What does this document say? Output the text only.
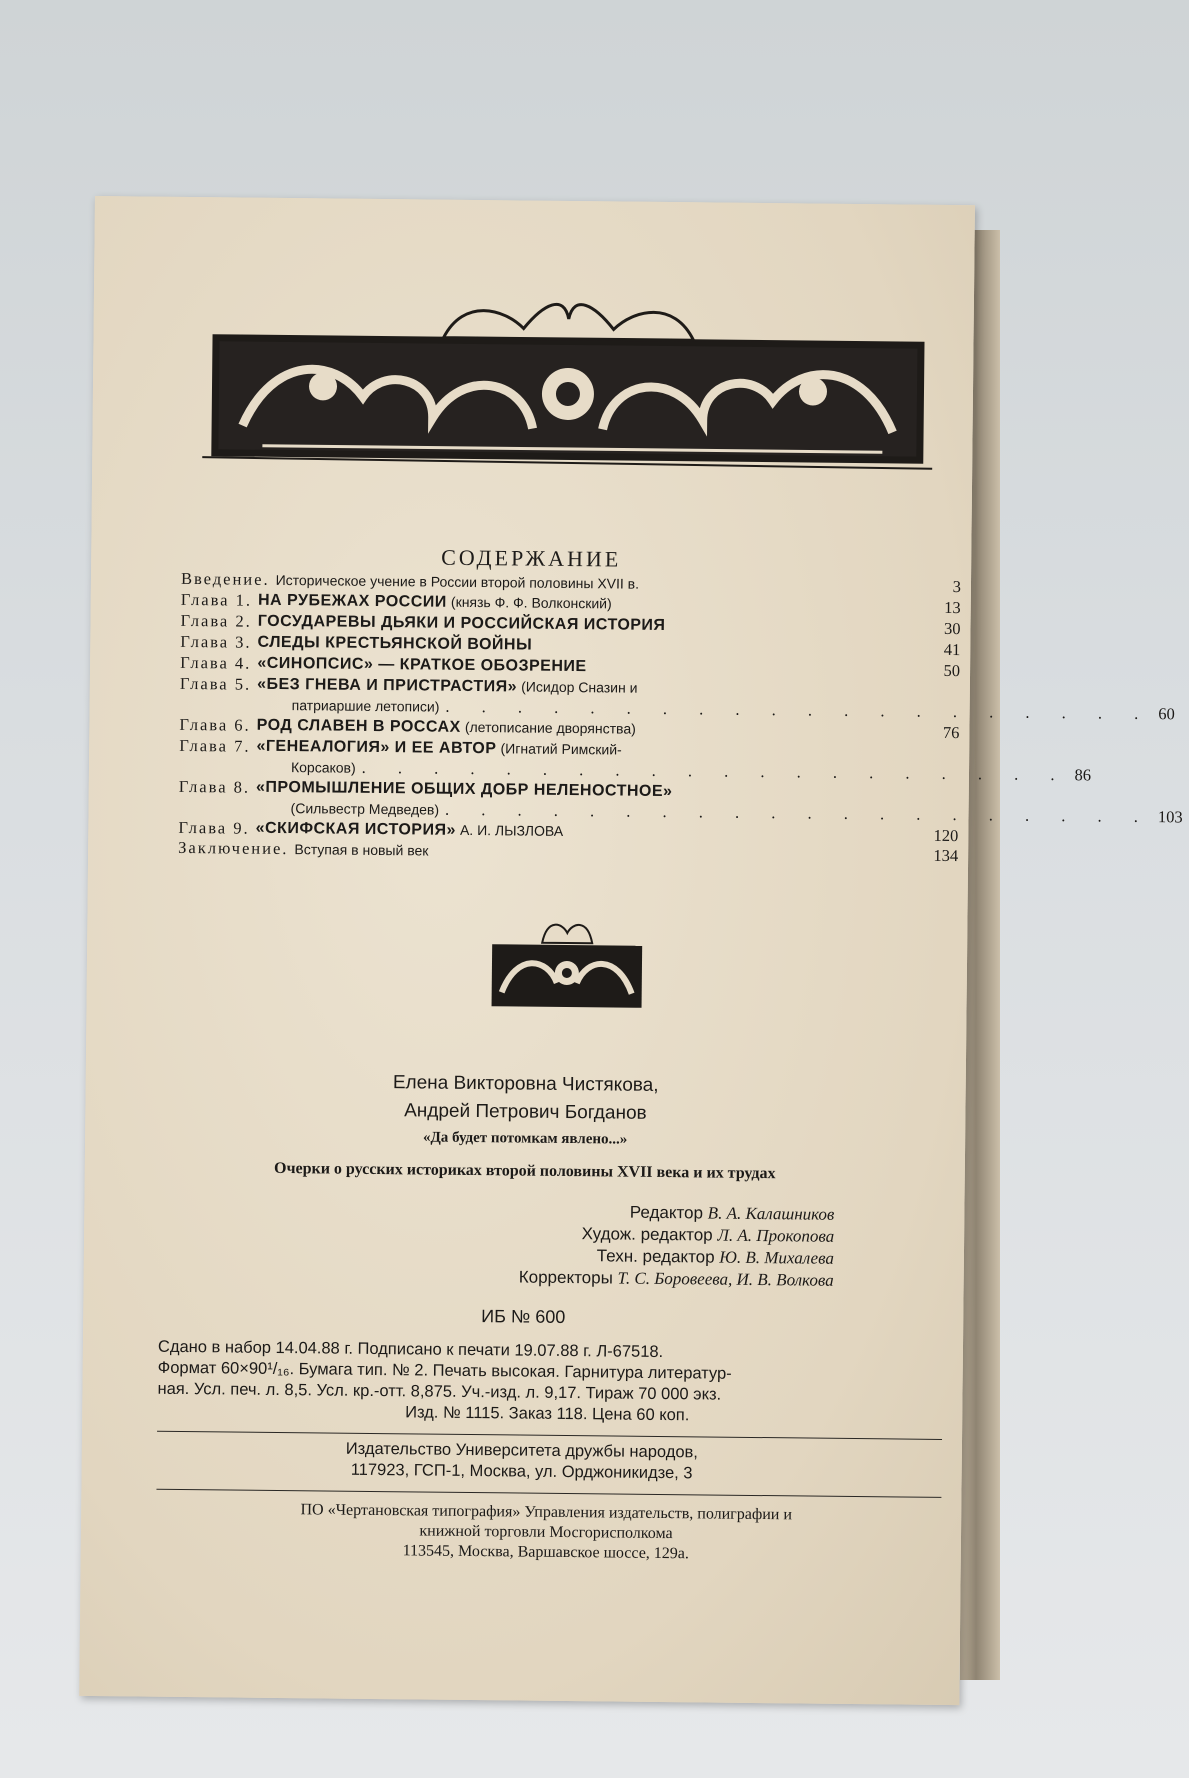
СОДЕРЖАНИЕ
Введение. Историческое учение в России второй половины XVII в.	3
Глава 1. НА РУБЕЖАХ РОССИИ (князь Ф. Ф. Волконский)	13
Глава 2. ГОСУДАРЕВЫ ДЬЯКИ И РОССИЙСКАЯ ИСТОРИЯ	30
Глава 3. СЛЕДЫ КРЕСТЬЯНСКОЙ ВОЙНЫ	41
Глава 4. «СИНОПСИС» — КРАТКОЕ ОБОЗРЕНИЕ	50
Глава 5. «БЕЗ ГНЕВА И ПРИСТРАСТИЯ» (Исидор Сназин и
патриаршие летописи) . . . . . . . . . . . . . . . . . . . . 60
Глава 6. РОД СЛАВЕН В РОССАХ (летописание дворянства)	76
Глава 7. «ГЕНЕАЛОГИЯ» И ЕЕ АВТОР (Игнатий Римский-
Корсаков) . . . . . . . . . . . . . . . . . . . . 86
Глава 8. «ПРОМЫШЛЕНИЕ ОБЩИХ ДОБР НЕЛЕНОСТНОЕ»
(Сильвестр Медведев) . . . . . . . . . . . . . . . . . . . . 103
Глава 9. «СКИФСКАЯ ИСТОРИЯ» А. И. ЛЫЗЛОВА	120
Заключение. Вступая в новый век	134
Елена Викторовна Чистякова,
Андрей Петрович Богданов
«Да будет потомкам явлено...»
Очерки о русских историках второй половины XVII века и их трудах
Редактор В. А. Калашников
Худож. редактор Л. А. Прокопова
Техн. редактор Ю. В. Михалева
Корректоры Т. С. Боровеева, И. В. Волкова
ИБ № 600
Сдано в набор 14.04.88 г. Подписано к печати 19.07.88 г. Л-67518.
Формат 60×90¹/₁₆. Бумага тип. № 2. Печать высокая. Гарнитура литератур-
ная. Усл. печ. л. 8,5. Усл. кр.-отт. 8,875. Уч.-изд. л. 9,17. Тираж 70 000 экз.
Изд. № 1115. Заказ 118. Цена 60 коп.
Издательство Университета дружбы народов,
117923, ГСП-1, Москва, ул. Орджоникидзе, 3
ПО «Чертановская типография» Управления издательств, полиграфии и
книжной торговли Мосгорисполкома
113545, Москва, Варшавское шоссе, 129а.
